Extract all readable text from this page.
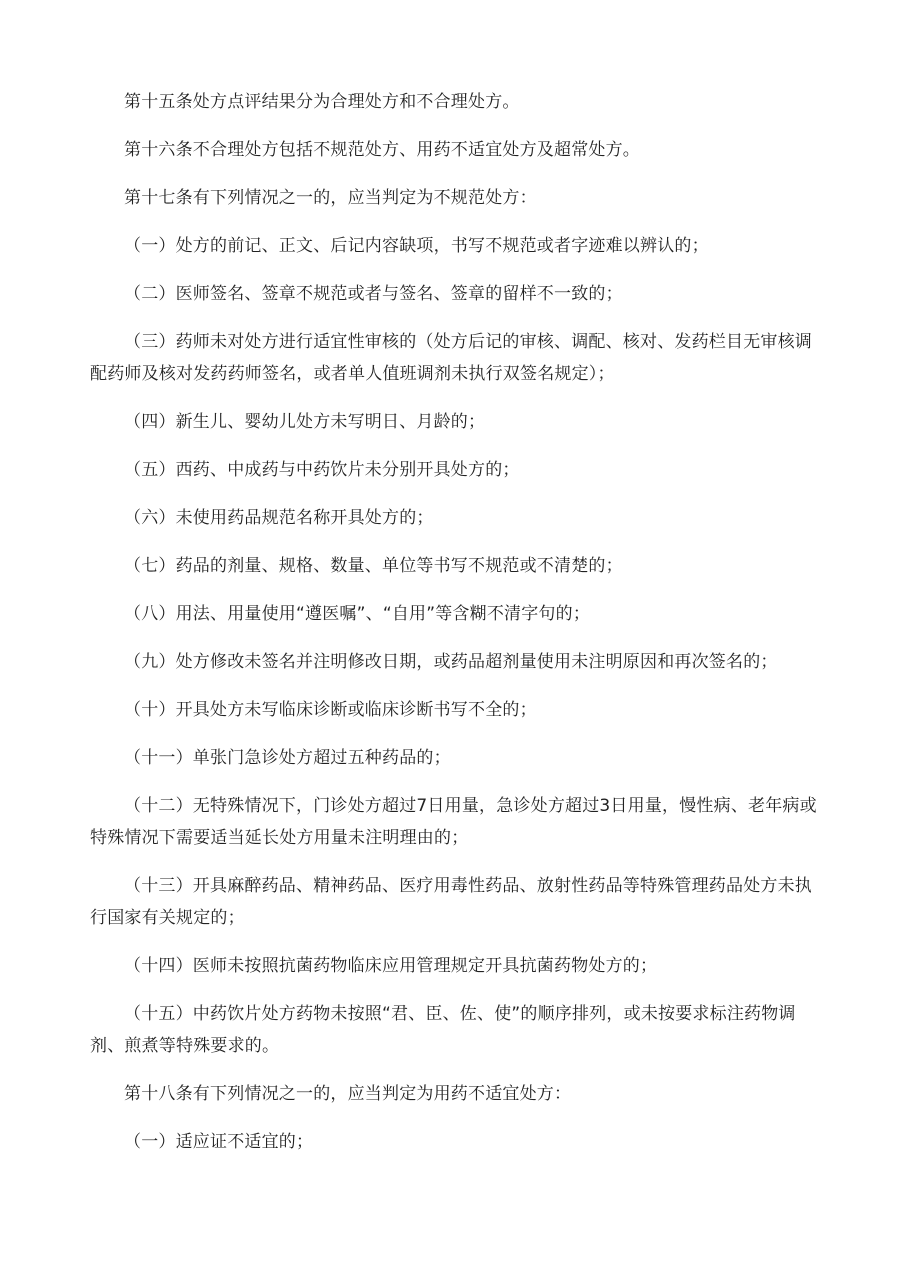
第十五条处方点评结果分为合理处方和不合理处方。

第十六条不合理处方包括不规范处方、用药不适宜处方及超常处方。

第十七条有下列情况之一的，应当判定为不规范处方：

（一）处方的前记、正文、后记内容缺项，书写不规范或者字迹难以辨认的；

（二）医师签名、签章不规范或者与签名、签章的留样不一致的；

（三）药师未对处方进行适宜性审核的（处方后记的审核、调配、核对、发药栏目无审核调配药师及核对发药药师签名，或者单人值班调剂未执行双签名规定）；

（四）新生儿、婴幼儿处方未写明日、月龄的；

（五）西药、中成药与中药饮片未分别开具处方的；

（六）未使用药品规范名称开具处方的；

（七）药品的剂量、规格、数量、单位等书写不规范或不清楚的；

（八）用法、用量使用“遵医嘱”、“自用”等含糊不清字句的；

（九）处方修改未签名并注明修改日期，或药品超剂量使用未注明原因和再次签名的；

（十）开具处方未写临床诊断或临床诊断书写不全的；

（十一）单张门急诊处方超过五种药品的；

（十二）无特殊情况下，门诊处方超过7日用量，急诊处方超过3日用量，慢性病、老年病或特殊情况下需要适当延长处方用量未注明理由的；

（十三）开具麻醉药品、精神药品、医疗用毒性药品、放射性药品等特殊管理药品处方未执行国家有关规定的；

（十四）医师未按照抗菌药物临床应用管理规定开具抗菌药物处方的；

（十五）中药饮片处方药物未按照“君、臣、佐、使”的顺序排列，或未按要求标注药物调剂、煎煮等特殊要求的。

第十八条有下列情况之一的，应当判定为用药不适宜处方：

（一）适应证不适宜的；
